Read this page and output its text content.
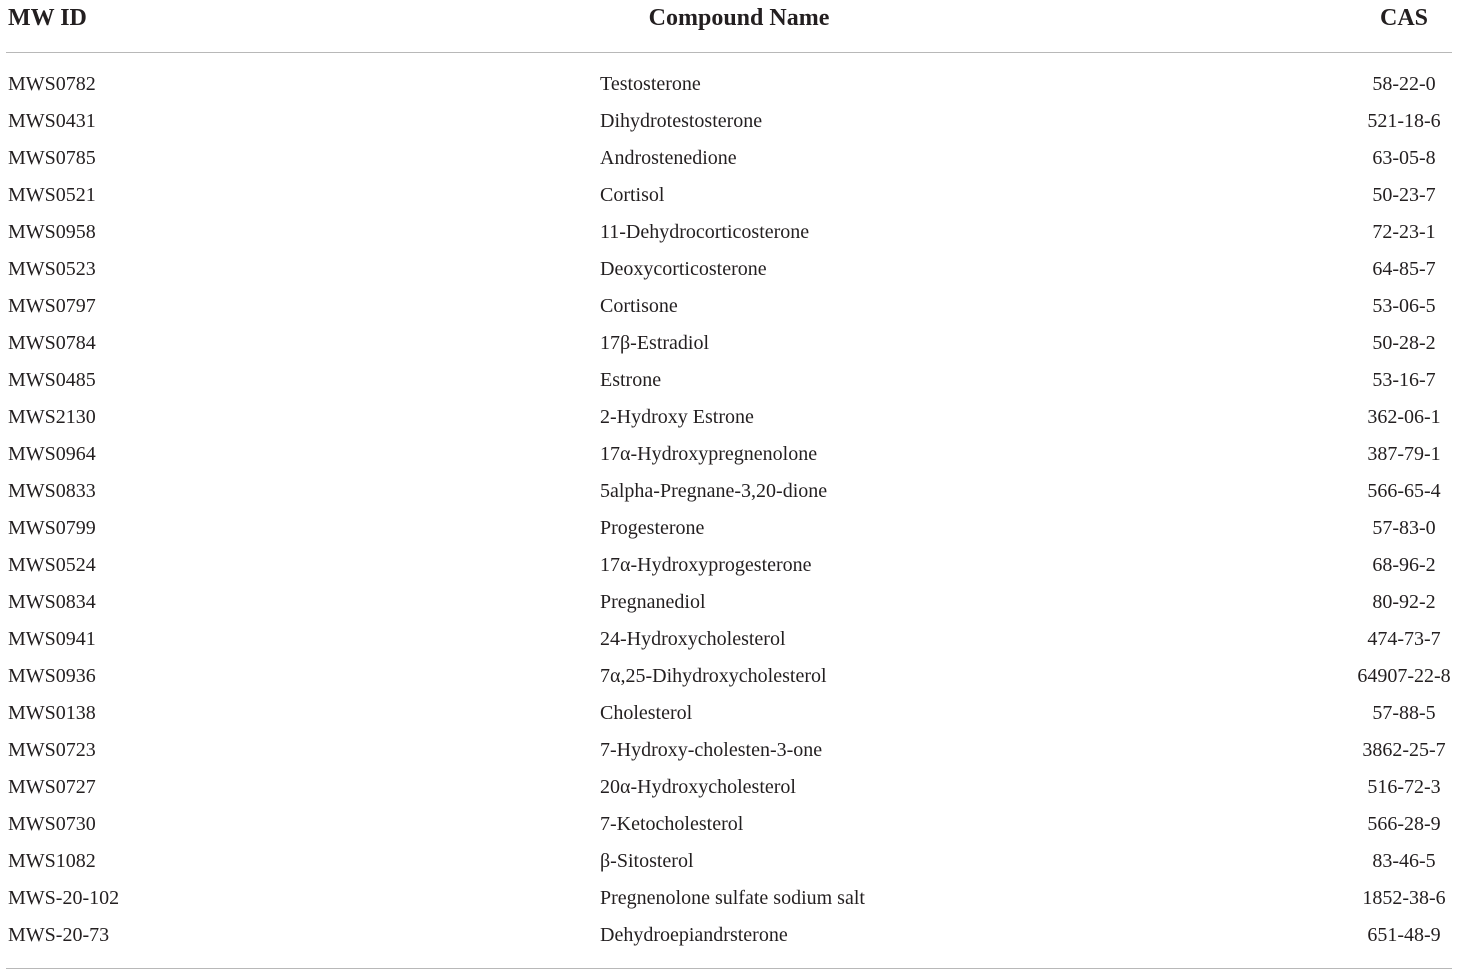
MW ID	Compound Name	CAS
MWS0782	Testosterone	58-22-0
MWS0431	Dihydrotestosterone	521-18-6
MWS0785	Androstenedione	63-05-8
MWS0521	Cortisol	50-23-7
MWS0958	11-Dehydrocorticosterone	72-23-1
MWS0523	Deoxycorticosterone	64-85-7
MWS0797	Cortisone	53-06-5
MWS0784	17β-Estradiol	50-28-2
MWS0485	Estrone	53-16-7
MWS2130	2-Hydroxy Estrone	362-06-1
MWS0964	17α-Hydroxypregnenolone	387-79-1
MWS0833	5alpha-Pregnane-3,20-dione	566-65-4
MWS0799	Progesterone	57-83-0
MWS0524	17α-Hydroxyprogesterone	68-96-2
MWS0834	Pregnanediol	80-92-2
MWS0941	24-Hydroxycholesterol	474-73-7
MWS0936	7α,25-Dihydroxycholesterol	64907-22-8
MWS0138	Cholesterol	57-88-5
MWS0723	7-Hydroxy-cholesten-3-one	3862-25-7
MWS0727	20α-Hydroxycholesterol	516-72-3
MWS0730	7-Ketocholesterol	566-28-9
MWS1082	β-Sitosterol	83-46-5
MWS-20-102	Pregnenolone sulfate sodium salt	1852-38-6
MWS-20-73	Dehydroepiandrsterone	651-48-9
